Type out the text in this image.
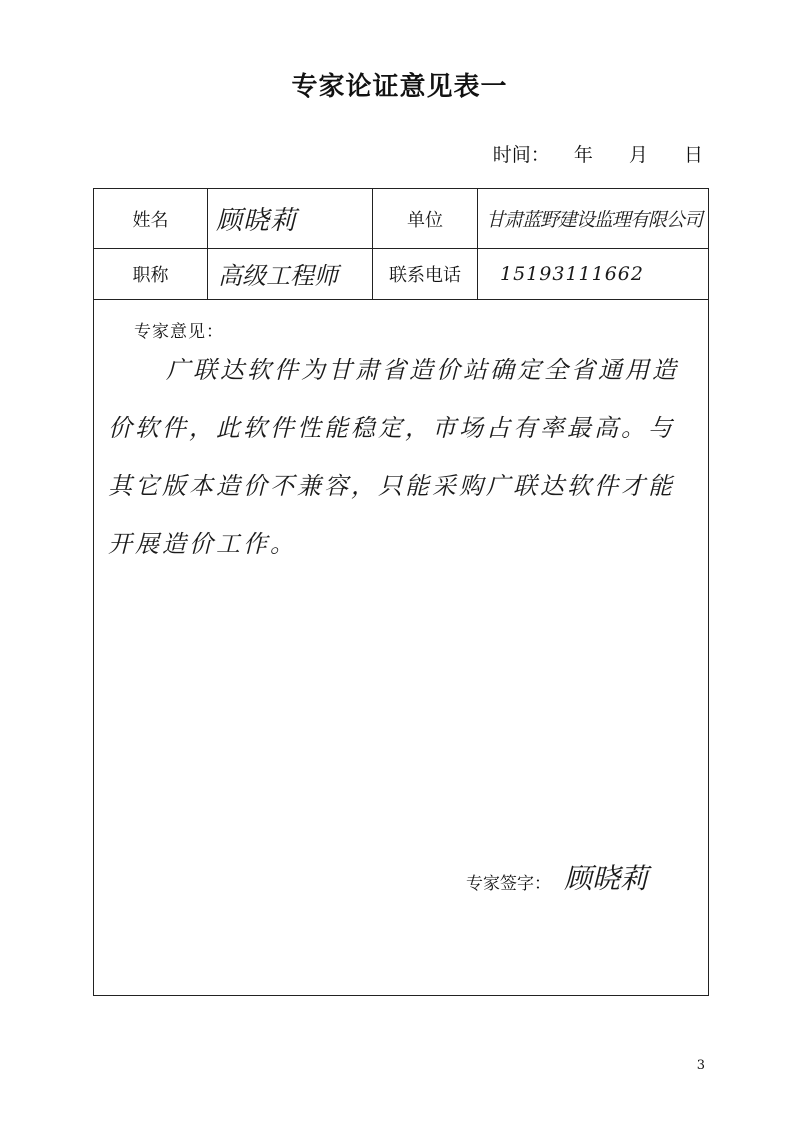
专家论证意见表一
时间： 年 月 日
姓名	顾晓莉	单位	甘肃蓝野建设监理有限公司
职称	高级工程师	联系电话	15193111662
专家意见：
广联达软件为甘肃省造价站确定全省通用造价软件，此软件性能稳定，市场占有率最高。与其它版本造价不兼容，只能采购广联达软件才能开展造价工作。
专家签字： 顾晓莉
3
